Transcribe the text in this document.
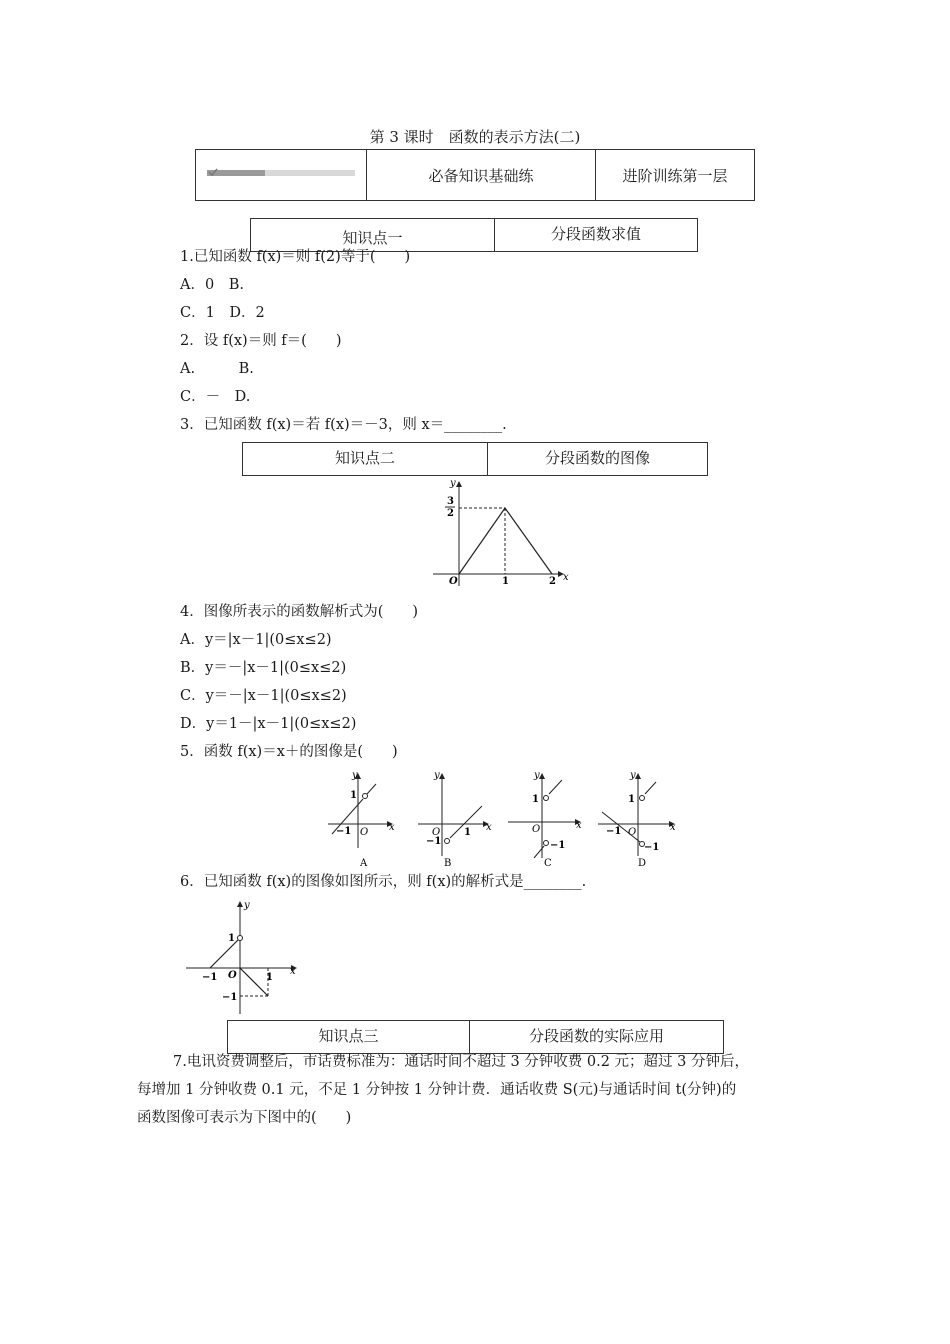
第 3 课时　函数的表示方法(二)
	必备知识基础练	进阶训练第一层
知识点一	分段函数求值
1.已知函数 f(x)＝则 f(2)等于(　　)
A．0　B.
C．1　D．2
2．设 f(x)＝则 f＝(　　)
A.　　　B.
C．－　D.
3．已知函数 f(x)＝若 f(x)＝－3，则 x＝________.
知识点二	分段函数的图像
3
2
O	1	2 x
y
4．图像所表示的函数解析式为(　　)
A．y＝|x－1|(0≤x≤2)
B．y＝－|x－1|(0≤x≤2)
C．y＝－|x－1|(0≤x≤2)
D．y＝1－|x－1|(0≤x≤2)
5．函数 f(x)＝x＋的图像是(　　)
1
−1 O x
y
A
−1
1
O	x
y
B
1
−1
O	x
y
C
1
−1
−1
O	x
y
D
6．已知函数 f(x)的图像如图所示，则 f(x)的解析式是________.
1
−1 O	1
−1
x
y
知识点三	分段函数的实际应用
7.电讯资费调整后，市话费标准为：通话时间不超过 3 分钟收费 0.2 元；超过 3 分钟后，
每增加 1 分钟收费 0.1 元，不足 1 分钟按 1 分钟计费．通话收费 S(元)与通话时间 t(分钟)的
函数图像可表示为下图中的(　　)
